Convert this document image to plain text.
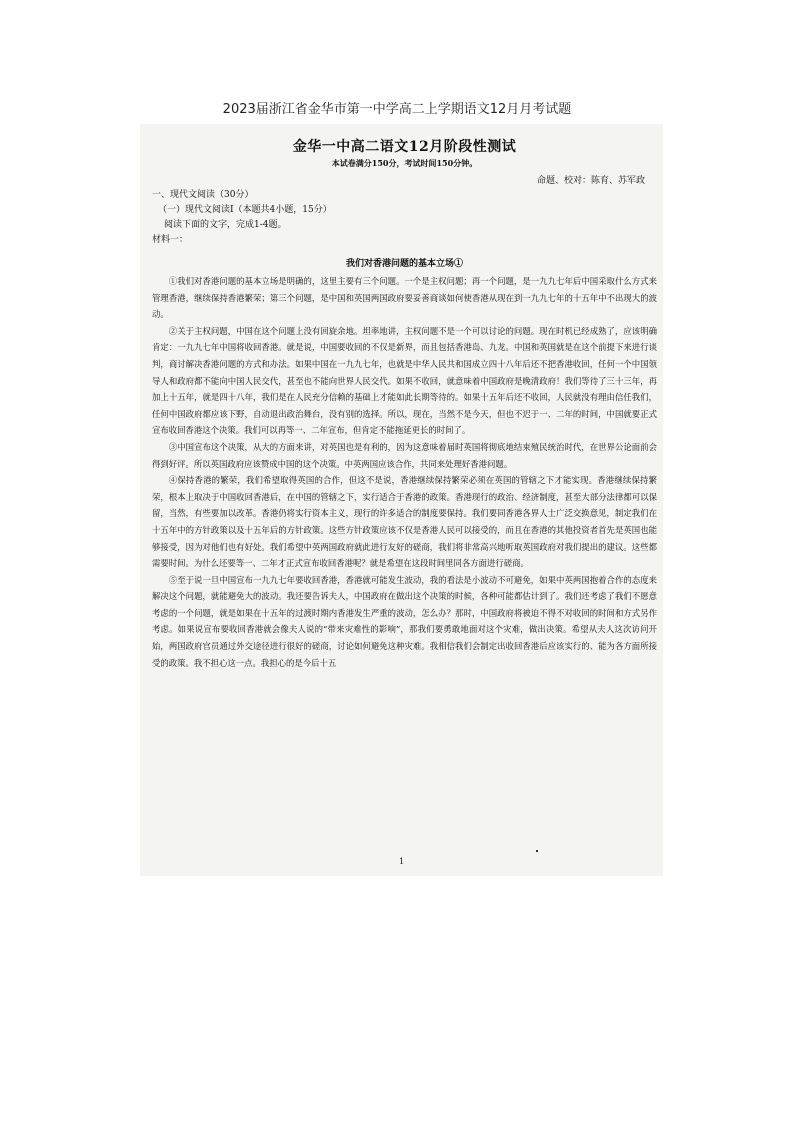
2023届浙江省金华市第一中学高二上学期语文12月月考试题

金华一中高二语文12月阶段性测试

本试卷满分150分，考试时间150分钟。

命题、校对：陈育、苏军政

一、现代文阅读（30分）

（一）现代文阅读Ⅰ（本题共4小题，15分）

阅读下面的文字，完成1-4题。

材料一：

我们对香港问题的基本立场①

①我们对香港问题的基本立场是明确的，这里主要有三个问题。一个是主权问题；再一个问题，是一九九七年后中国采取什么方式来管理香港，继续保持香港繁荣；第三个问题，是中国和英国两国政府要妥善商谈如何使香港从现在到一九九七年的十五年中不出现大的波动。

②关于主权问题，中国在这个问题上没有回旋余地。坦率地讲，主权问题不是一个可以讨论的问题。现在时机已经成熟了，应该明确肯定：一九九七年中国将收回香港。就是说，中国要收回的不仅是新界，而且包括香港岛、九龙。中国和英国就是在这个前提下来进行谈判，商讨解决香港问题的方式和办法。如果中国在一九九七年，也就是中华人民共和国成立四十八年后还不把香港收回，任何一个中国领导人和政府都不能向中国人民交代，甚至也不能向世界人民交代。如果不收回，就意味着中国政府是晚清政府！我们等待了三十三年，再加上十五年，就是四十八年，我们是在人民充分信赖的基础上才能如此长期等待的。如果十五年后还不收回，人民就没有理由信任我们，任何中国政府都应该下野，自动退出政治舞台，没有别的选择。所以，现在，当然不是今天，但也不迟于一、二年的时间，中国就要正式宣布收回香港这个决策。我们可以再等一、二年宣布，但肯定不能拖延更长的时间了。

③中国宣布这个决策，从大的方面来讲，对英国也是有利的，因为这意味着届时英国将彻底地结束殖民统治时代，在世界公论面前会得到好评。所以英国政府应该赞成中国的这个决策。中英两国应该合作，共同来处理好香港问题。

④保持香港的繁荣，我们希望取得英国的合作，但这不是说，香港继续保持繁荣必须在英国的管辖之下才能实现。香港继续保持繁荣，根本上取决于中国收回香港后，在中国的管辖之下，实行适合于香港的政策。香港现行的政治、经济制度，甚至大部分法律都可以保留，当然，有些要加以改革。香港仍将实行资本主义，现行的许多适合的制度要保持。我们要同香港各界人士广泛交换意见，制定我们在十五年中的方针政策以及十五年后的方针政策。这些方针政策应该不仅是香港人民可以接受的，而且在香港的其他投资者首先是英国也能够接受，因为对他们也有好处。我们希望中英两国政府就此进行友好的磋商，我们将非常高兴地听取英国政府对我们提出的建议。这些都需要时间。为什么还要等一、二年才正式宣布收回香港呢？就是希望在这段时间里同各方面进行磋商。

⑤至于说一旦中国宣布一九九七年要收回香港，香港就可能发生波动，我的看法是小波动不可避免，如果中英两国抱着合作的态度来解决这个问题，就能避免大的波动。我还要告诉夫人，中国政府在做出这个决策的时候，各种可能都估计到了。我们还考虑了我们不愿意考虑的一个问题，就是如果在十五年的过渡时期内香港发生严重的波动，怎么办？那时，中国政府将被迫不得不对收回的时间和方式另作考虑。如果说宣布要收回香港就会像夫人说的“带来灾难性的影响”，那我们要勇敢地面对这个灾难，做出决策。希望从夫人这次访问开始，两国政府官员通过外交途径进行很好的磋商，讨论如何避免这种灾难。我相信我们会制定出收回香港后应该实行的、能为各方面所接受的政策。我不担心这一点。我担心的是今后十五

1
